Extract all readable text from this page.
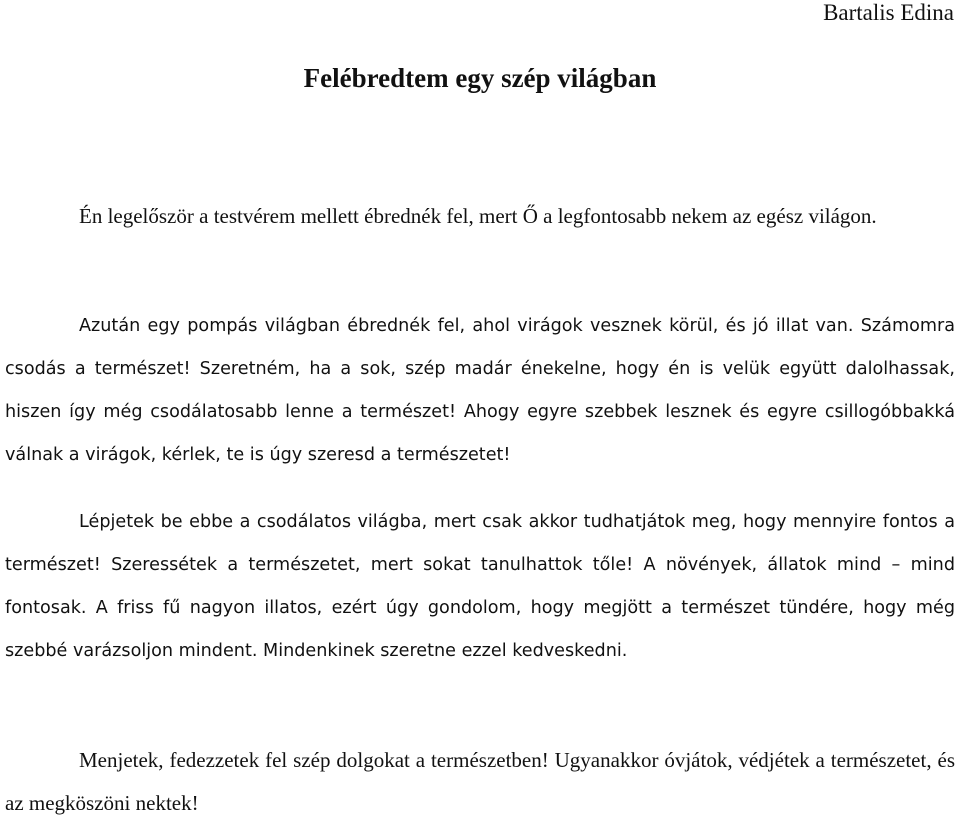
Bartalis Edina
Felébredtem egy szép világban

Én legelőször a testvérem mellett ébrednék fel, mert Ő a legfontosabb nekem az egész világon.

Azután egy pompás világban ébrednék fel, ahol virágok vesznek körül, és jó illat van. Számomra csodás a természet! Szeretném, ha a sok, szép madár énekelne, hogy én is velük együtt dalolhassak, hiszen így még csodálatosabb lenne a természet! Ahogy egyre szebbek lesznek és egyre csillogóbbakká válnak a virágok, kérlek, te is úgy szeresd a természetet!

Lépjetek be ebbe a csodálatos világba, mert csak akkor tudhatjátok meg, hogy mennyire fontos a természet! Szeressétek a természetet, mert sokat tanulhattok tőle! A növények, állatok mind – mind fontosak. A friss fű nagyon illatos, ezért úgy gondolom, hogy megjött a természet tündére, hogy még szebbé varázsoljon mindent. Mindenkinek szeretne ezzel kedveskedni.

Menjetek, fedezzetek fel szép dolgokat a természetben! Ugyanakkor óvjátok, védjétek a természetet, és az megköszöni nektek!
